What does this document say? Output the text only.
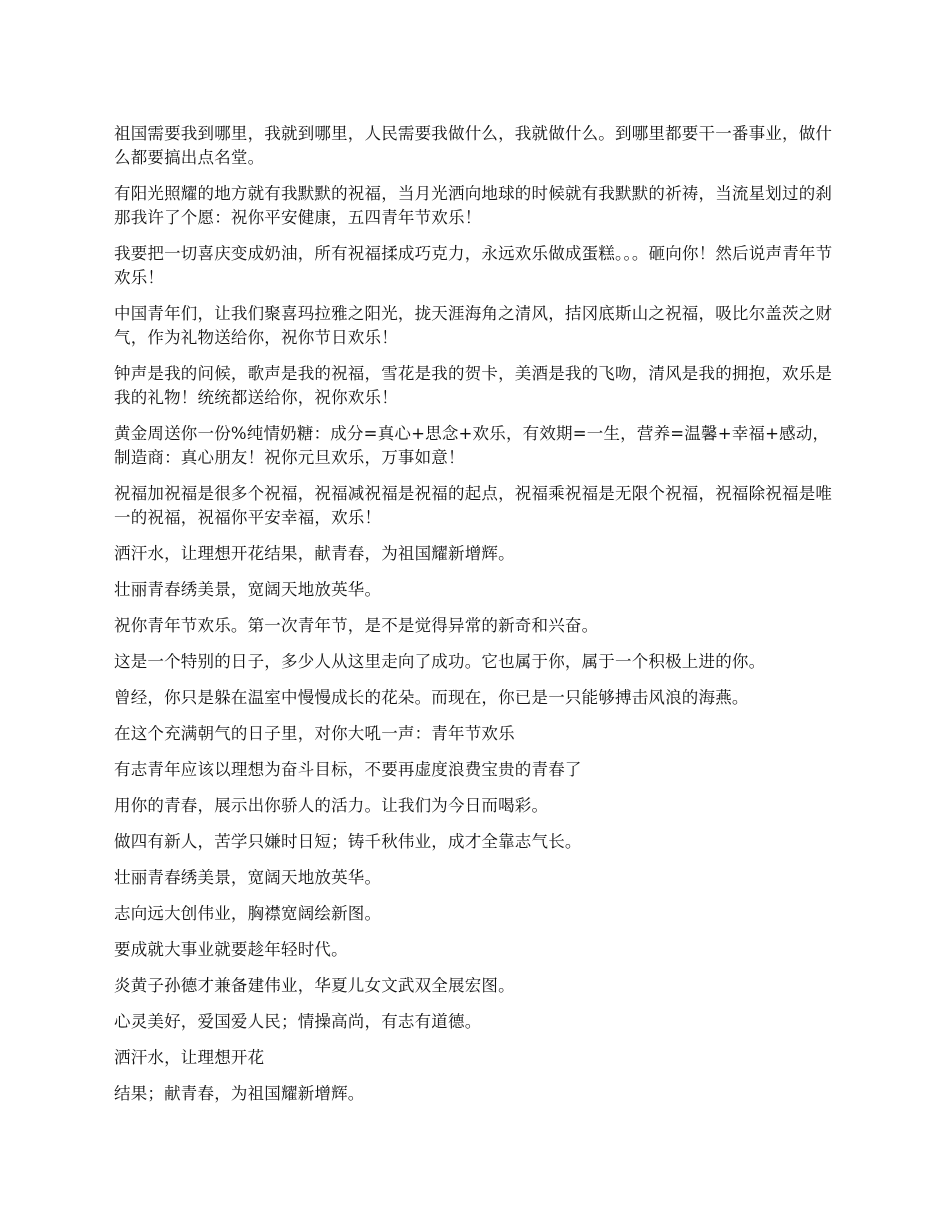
祖国需要我到哪里，我就到哪里，人民需要我做什么，我就做什么。到哪里都要干一番事业，做什么都要搞出点名堂。

有阳光照耀的地方就有我默默的祝福，当月光洒向地球的时候就有我默默的祈祷，当流星划过的刹那我许了个愿：祝你平安健康，五四青年节欢乐！

我要把一切喜庆变成奶油，所有祝福揉成巧克力，永远欢乐做成蛋糕。。。砸向你！然后说声青年节欢乐！

中国青年们，让我们聚喜玛拉雅之阳光，拢天涯海角之清风，拮冈底斯山之祝福，吸比尔盖茨之财气，作为礼物送给你，祝你节日欢乐！

钟声是我的问候，歌声是我的祝福，雪花是我的贺卡，美酒是我的飞吻，清风是我的拥抱，欢乐是我的礼物！统统都送给你，祝你欢乐！

黄金周送你一份%纯情奶糖：成分=真心+思念+欢乐，有效期=一生，营养=温馨+幸福+感动，制造商：真心朋友！祝你元旦欢乐，万事如意！

祝福加祝福是很多个祝福，祝福减祝福是祝福的起点，祝福乘祝福是无限个祝福，祝福除祝福是唯一的祝福，祝福你平安幸福，欢乐！

洒汗水，让理想开花结果，献青春，为祖国耀新增辉。

壮丽青春绣美景，宽阔天地放英华。

祝你青年节欢乐。第一次青年节，是不是觉得异常的新奇和兴奋。

这是一个特别的日子，多少人从这里走向了成功。它也属于你，属于一个积极上进的你。

曾经，你只是躲在温室中慢慢成长的花朵。而现在，你已是一只能够搏击风浪的海燕。

在这个充满朝气的日子里，对你大吼一声：青年节欢乐

有志青年应该以理想为奋斗目标，不要再虚度浪费宝贵的青春了

用你的青春，展示出你骄人的活力。让我们为今日而喝彩。

做四有新人，苦学只嫌时日短；铸千秋伟业，成才全靠志气长。

壮丽青春绣美景，宽阔天地放英华。

志向远大创伟业，胸襟宽阔绘新图。

要成就大事业就要趁年轻时代。

炎黄子孙德才兼备建伟业，华夏儿女文武双全展宏图。

心灵美好，爱国爱人民；情操高尚，有志有道德。

洒汗水，让理想开花

结果；献青春，为祖国耀新增辉。
